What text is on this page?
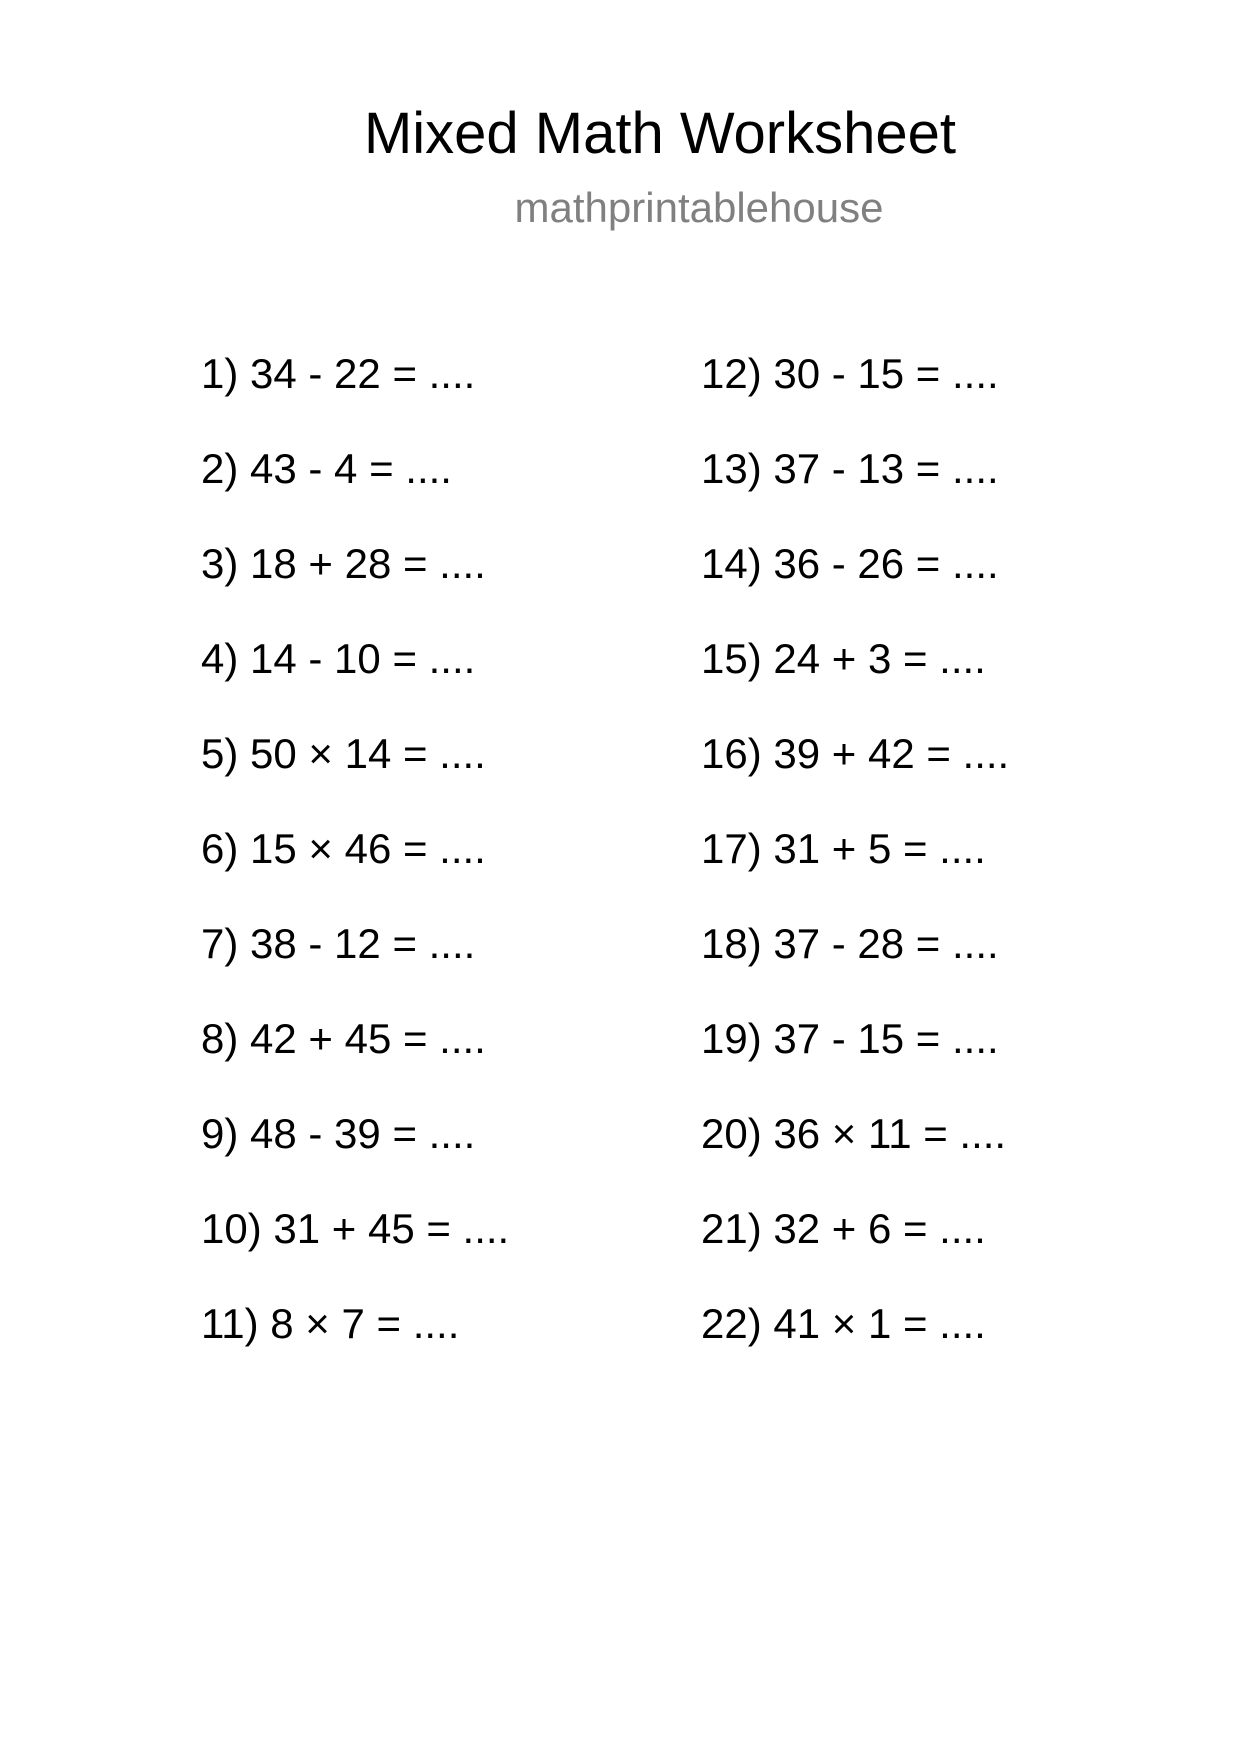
Mixed Math Worksheet
mathprintablehouse
1) 34 - 22 = ....
2) 43 - 4 = ....
3) 18 + 28 = ....
4) 14 - 10 = ....
5) 50 × 14 = ....
6) 15 × 46 = ....
7) 38 - 12 = ....
8) 42 + 45 = ....
9) 48 - 39 = ....
10) 31 + 45 = ....
11) 8 × 7 = ....
12) 30 - 15 = ....
13) 37 - 13 = ....
14) 36 - 26 = ....
15) 24 + 3 = ....
16) 39 + 42 = ....
17) 31 + 5 = ....
18) 37 - 28 = ....
19) 37 - 15 = ....
20) 36 × 11 = ....
21) 32 + 6 = ....
22) 41 × 1 = ....
